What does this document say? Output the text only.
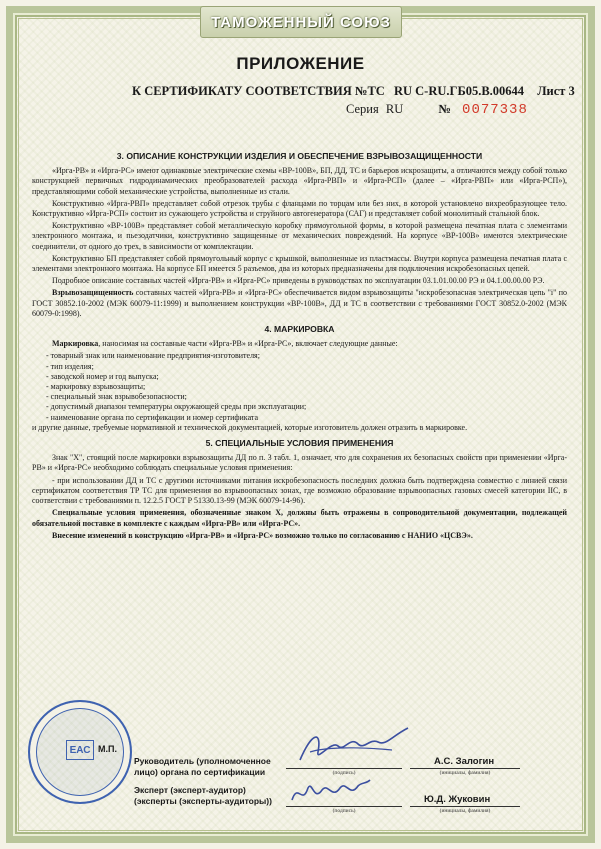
ТАМОЖЕННЫЙ СОЮЗ
ПРИЛОЖЕНИЕ
К СЕРТИФИКАТУ СООТВЕТСТВИЯ №ТС RU C-RU.ГБ05.B.00644 Лист 3
Серия RU	№ 0077338
3. ОПИСАНИЕ КОНСТРУКЦИИ ИЗДЕЛИЯ И ОБЕСПЕЧЕНИЕ ВЗРЫВОЗАЩИЩЕННОСТИ

«Ирга-РВ» и «Ирга-РС» имеют одинаковые электрические схемы «ВР-100В», БП, ДД, ТС и барьеров искрозащиты, а отличаются между собой только конструкцией первичных гидродинамических преобразователей расхода «Ирга-РВП» и «Ирга-РСП» (далее – «Ирга-РВП» или «Ирга-РСП»), представляющими собой механические устройства, выполненные из стали.

Конструктивно «Ирга-РВП» представляет собой отрезок трубы с фланцами по торцам или без них, в которой установлено вихреобразующее тело. Конструктивно «Ирга-РСП» состоит из сужающего устройства и струйного автогенератора (САГ) и представляет собой монолитный стальной блок.

Конструктивно «ВР-100В» представляет собой металлическую коробку прямоугольной формы, в которой размещена печатная плата с элементами электронного монтажа, и пьезодатчики, конструктивно защищенные от механических повреждений. На корпусе «ВР-100В» имеются электрические соединители, от одного до трех, в зависимости от комплектации.

Конструктивно БП представляет собой прямоугольный корпус с крышкой, выполненные из пластмассы. Внутри корпуса размещена печатная плата с элементами электронного монтажа. На корпусе БП имеется 5 разъемов, два из которых предназначены для подключения искробезопасных цепей.

Подробное описание составных частей «Ирга-РВ» и «Ирга-РС» приведены в руководствах по эксплуатации 03.1.01.00.00 РЭ и 04.1.00.00.00 РЭ.

Взрывозащищенность составных частей «Ирга-РВ» и «Ирга-РС» обеспечивается видом взрывозащиты "искробезопасная электрическая цепь "i" по ГОСТ 30852.10-2002 (МЭК 60079-11:1999) и выполнением конструкции «ВР-100В», ДД и ТС в соответствии с требованиями ГОСТ 30852.0-2002 (МЭК 60079-0:1998).

4. МАРКИРОВКА

Маркировка, наносимая на составные части «Ирга-РВ» и «Ирга-РС», включает следующие данные:

- товарный знак или наименование предприятия-изготовителя;
- тип изделия;
- заводской номер и год выпуска;
- маркировку взрывозащиты;
- специальный знак взрывобезопасности;
- допустимый диапазон температуры окружающей среды при эксплуатации;
- наименование органа по сертификации и номер сертификата

и другие данные, требуемые нормативной и технической документацией, которые изготовитель должен отразить в маркировке.

5. СПЕЦИАЛЬНЫЕ УСЛОВИЯ ПРИМЕНЕНИЯ

Знак "Х", стоящий после маркировки взрывозащиты ДД по п. 3 табл. 1, означает, что для сохранения их безопасных свойств при применении «Ирга-РВ» и «Ирга-РС» необходимо соблюдать специальные условия применения:

- при использовании ДД и ТС с другими источниками питания искробезопасность последних должна быть подтверждена совместно с линией связи сертификатом соответствия ТР ТС для применения во взрывоопасных зонах, где возможно образование взрывоопасных газовых смесей категории IIC, в соответствии с требованиями п. 12.2.5 ГОСТ Р 51330.13-99 (МЭК 60079-14-96).

Специальные условия применения, обозначенные знаком Х, должны быть отражены в сопроводительной документации, подлежащей обязательной поставке в комплекте с каждым «Ирга-РВ» или «Ирга-РС».

Внесение изменений в конструкцию «Ирга-РВ» и «Ирга-РС» возможно только по согласованию с НАНИО «ЦСВЭ».

ЕАС М.П.
Руководитель (уполномоченное
лицо) органа по сертификации	(подпись)
А.С. Залогин
(инициалы, фамилия)
Эксперт (эксперт-аудитор)
(эксперты (эксперты-аудиторы))
(подпись)
Ю.Д. Жуковин
(инициалы, фамилия)
